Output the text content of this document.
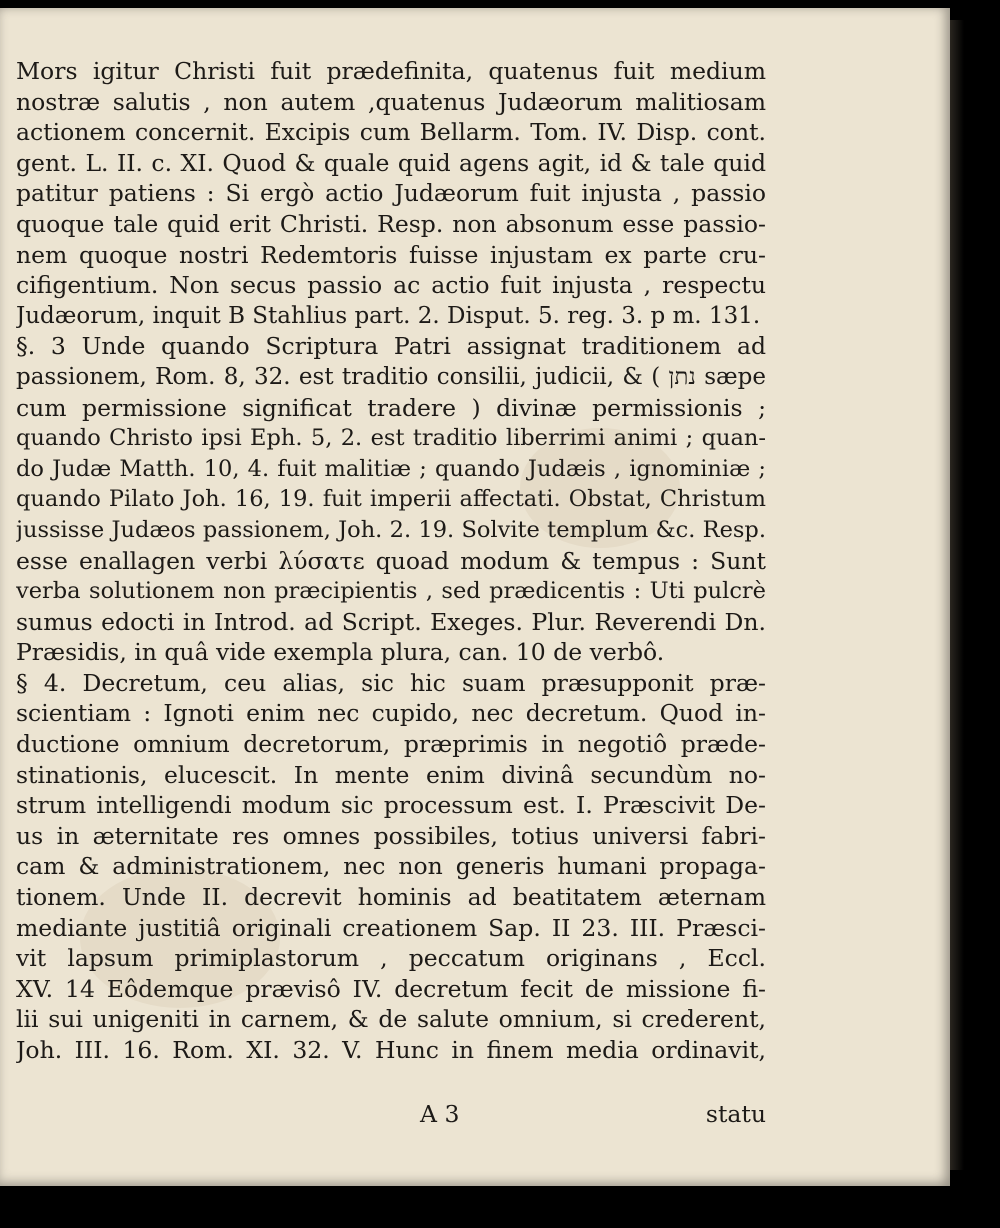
Mors igitur Christi fuit prædefinita, quatenus fuit medium
nostræ salutis , non autem ,quatenus Judæorum malitiosam
actionem concernit. Excipis cum Bellarm. Tom. IV. Disp. cont.
gent. L. II. c. XI. Quod & quale quid agens agit, id & tale quid
patitur patiens : Si ergò actio Judæorum fuit injusta , passio
quoque tale quid erit Christi. Resp. non absonum esse passio-
nem quoque nostri Redemtoris fuisse injustam ex parte cru-
cifigentium. Non secus passio ac actio fuit injusta , respectu
Judæorum, inquit B Stahlius part. 2. Disput. 5. reg. 3. p m. 131.
§. 3 Unde quando Scriptura Patri assignat traditionem ad
passionem, Rom. 8, 32. est traditio consilii, judicii, & ( נתן sæpe
cum permissione significat tradere ) divinæ permissionis ;
quando Christo ipsi Eph. 5, 2. est traditio liberrimi animi ; quan-
do Judæ Matth. 10, 4. fuit malitiæ ; quando Judæis , ignominiæ ;
quando Pilato Joh. 16, 19. fuit imperii affectati. Obstat, Christum
jussisse Judæos passionem, Joh. 2. 19. Solvite templum &c. Resp.
esse enallagen verbi λύσατε quoad modum & tempus : Sunt
verba solutionem non præcipientis , sed prædicentis : Uti pulcrè
sumus edocti in Introd. ad Script. Exeges. Plur. Reverendi Dn.
Præsidis, in quâ vide exempla plura, can. 10 de verbô.
§ 4. Decretum, ceu alias, sic hic suam præsupponit præ-
scientiam : Ignoti enim nec cupido, nec decretum. Quod in-
ductione omnium decretorum, præprimis in negotiô præde-
stinationis, elucescit. In mente enim divinâ secundùm no-
strum intelligendi modum sic processum est. I. Præscivit De-
us in æternitate res omnes possibiles, totius universi fabri-
cam & administrationem, nec non generis humani propaga-
tionem. Unde II. decrevit hominis ad beatitatem æternam
mediante justitiâ originali creationem Sap. II 23. III. Præsci-
vit lapsum primiplastorum , peccatum originans , Eccl.
XV. 14 Eôdemque prævisô IV. decretum fecit de missione fi-
lii sui unigeniti in carnem, & de salute omnium, si crederent,
Joh. III. 16. Rom. XI. 32. V. Hunc in finem media ordinavit,
A 3	statu
